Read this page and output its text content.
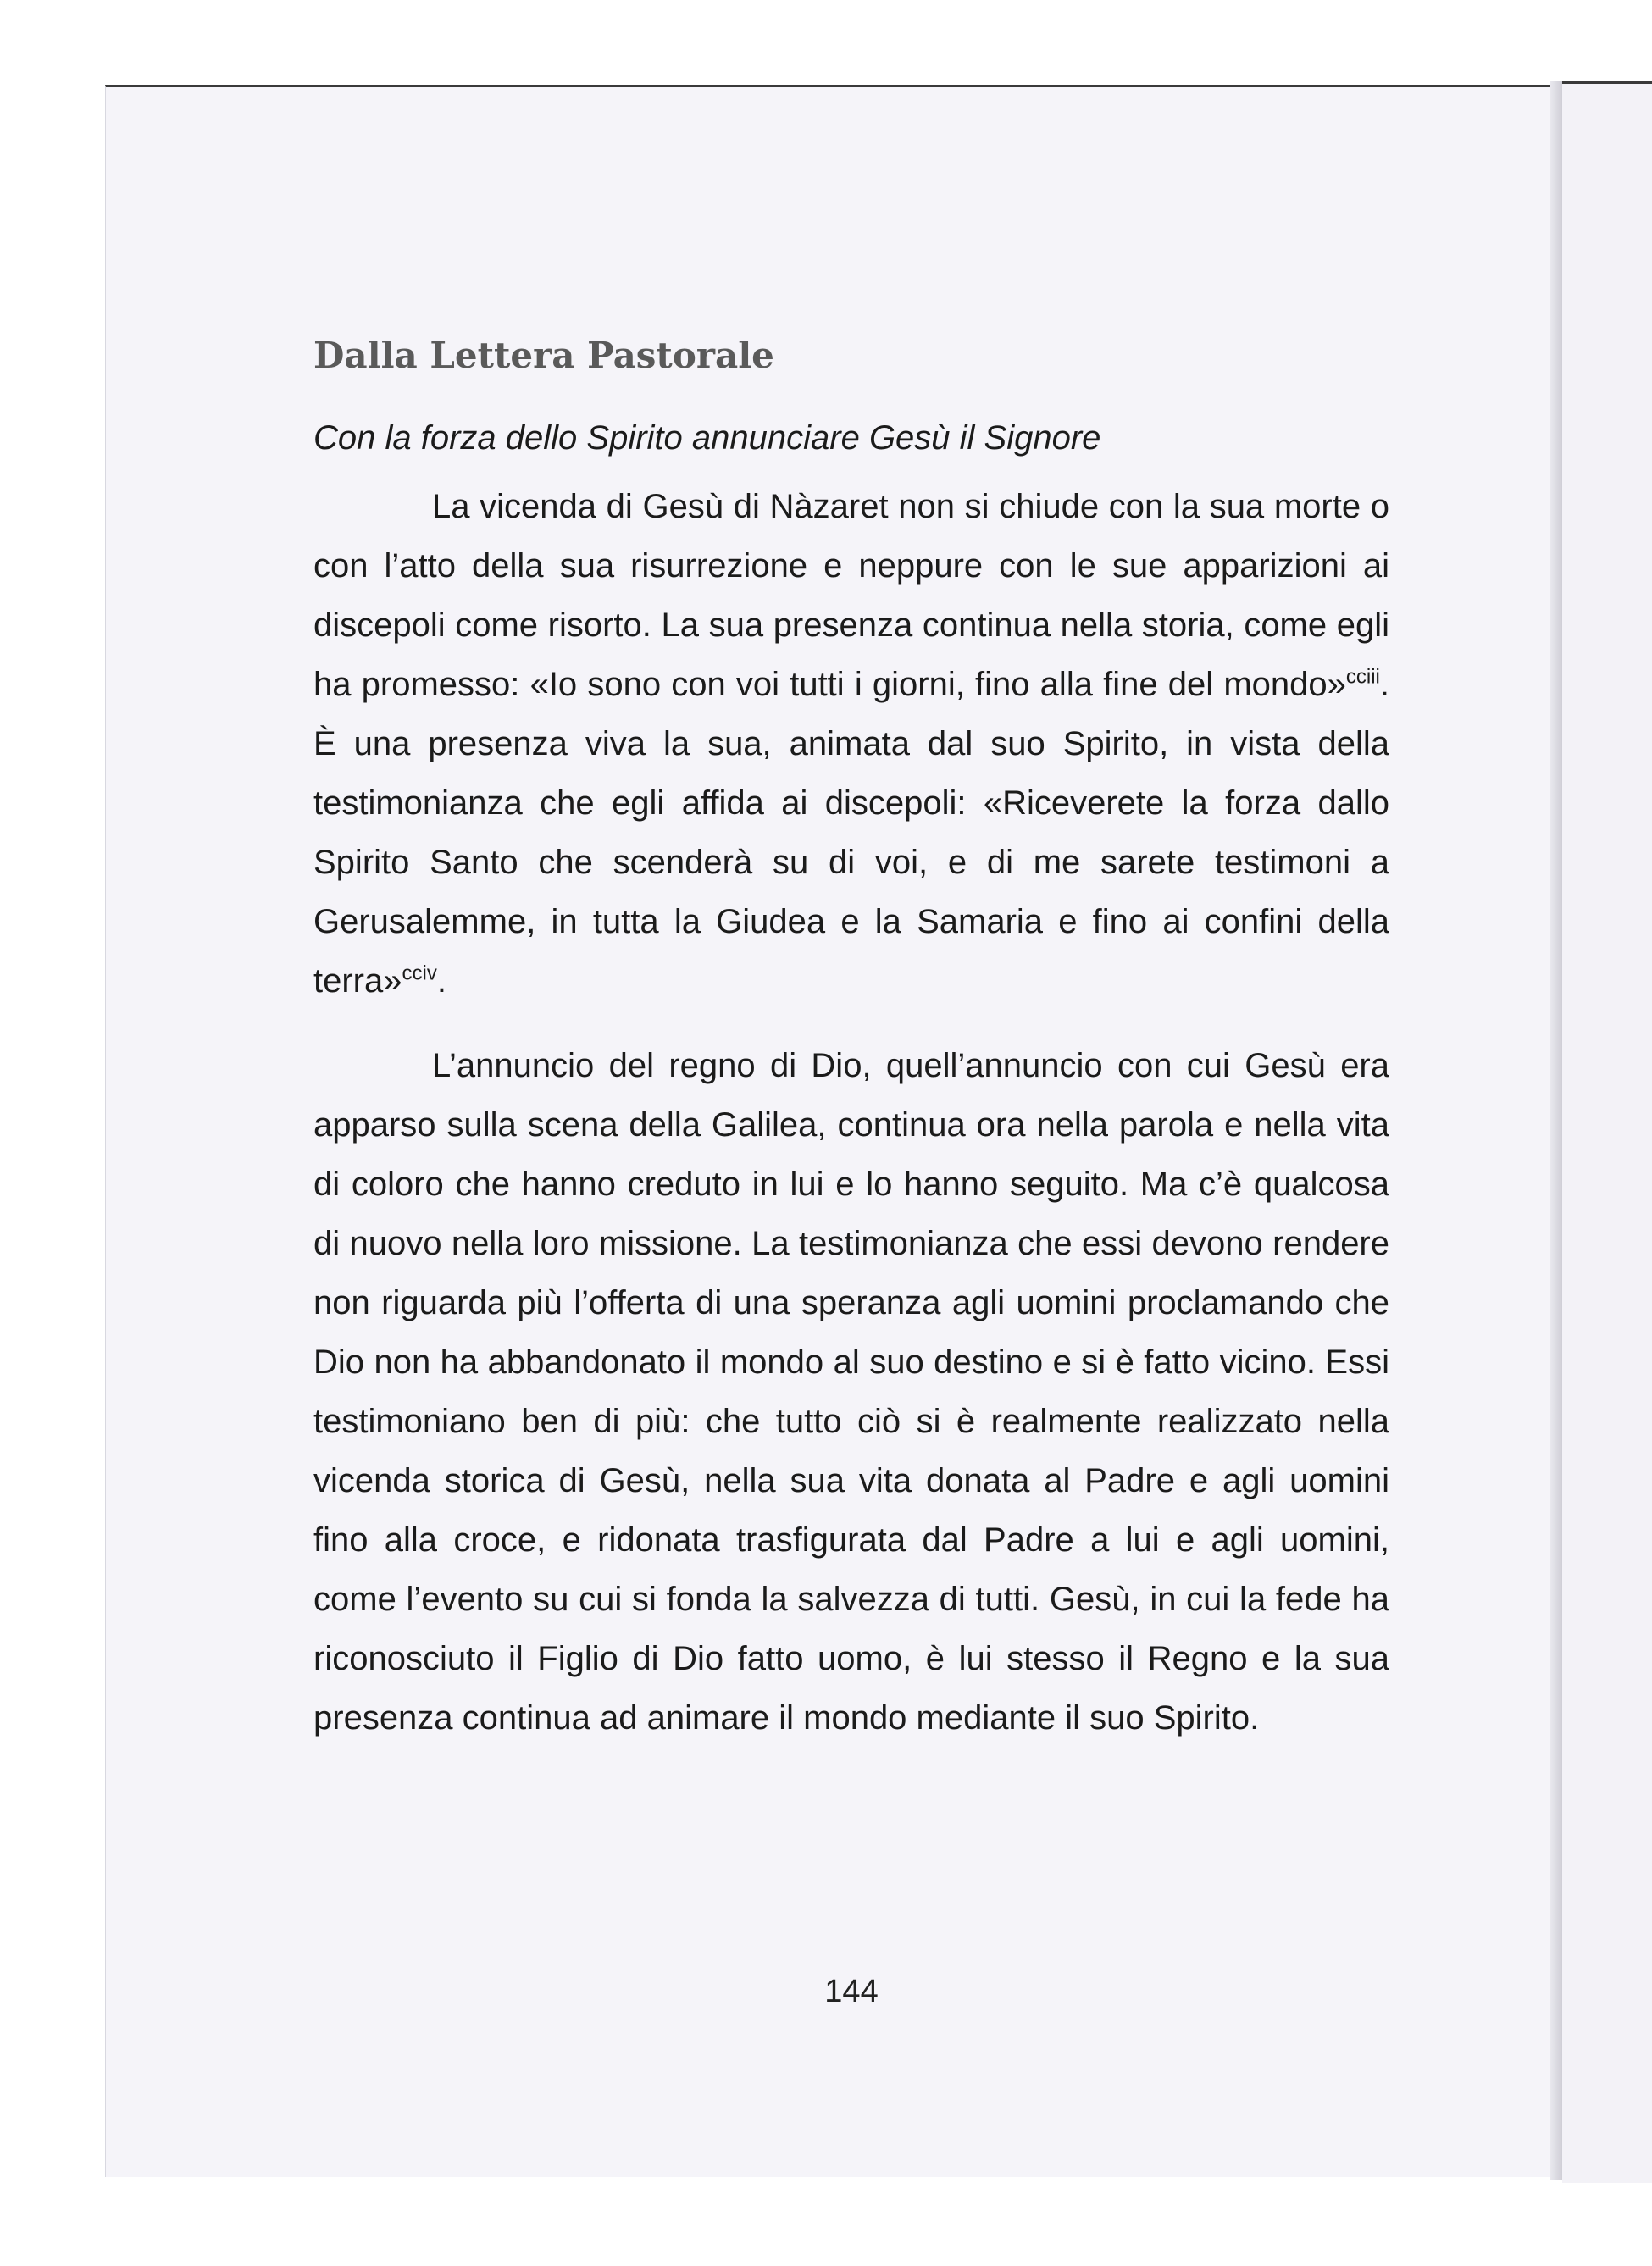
Dalla Lettera Pastorale

Con la forza dello Spirito annunciare Gesù il Signore

La vicenda di Gesù di Nàzaret non si chiude con la sua morte o con l’atto della sua risurrezione e neppure con le sue apparizioni ai discepoli come risorto. La sua presenza continua nella storia, come egli ha promesso: «Io sono con voi tutti i giorni, fino alla fine del mondo»$^{cciii}$. È una presenza viva la sua, animata dal suo Spirito, in vista della testimonianza che egli affida ai discepoli: «Riceverete la forza dallo Spirito Santo che scenderà su di voi, e di me sarete testimoni a Gerusalemme, in tutta la Giudea e la Samaria e fino ai confini della terra»$^{cciv}$.

L’annuncio del regno di Dio, quell’annuncio con cui Gesù era apparso sulla scena della Galilea, continua ora nella parola e nella vita di coloro che hanno creduto in lui e lo hanno seguito. Ma c’è qualcosa di nuovo nella loro missione. La testimonianza che essi devono rendere non riguarda più l’offerta di una speranza agli uomini proclamando che Dio non ha abbandonato il mondo al suo destino e si è fatto vicino. Essi testimoniano ben di più: che tutto ciò si è realmente realizzato nella vicenda storica di Gesù, nella sua vita donata al Padre e agli uomini fino alla croce, e ridonata trasfigurata dal Padre a lui e agli uomini, come l’evento su cui si fonda la salvezza di tutti. Gesù, in cui la fede ha riconosciuto il Figlio di Dio fatto uomo, è lui stesso il Regno e la sua presenza continua ad animare il mondo mediante il suo Spirito.

144
